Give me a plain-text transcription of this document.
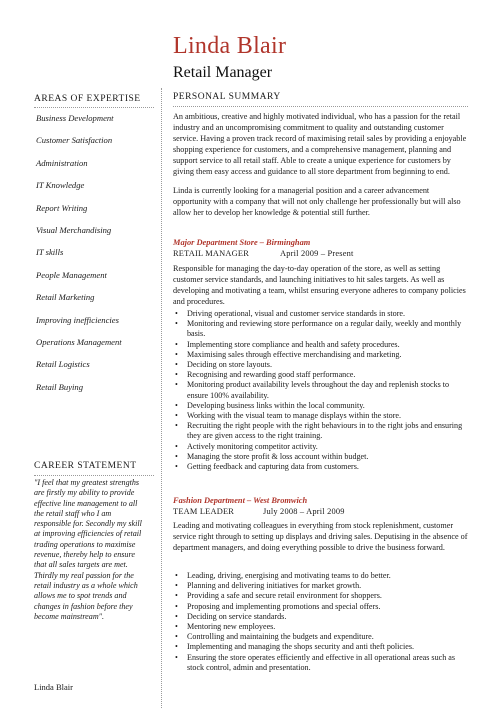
Linda Blair
Retail Manager
AREAS OF EXPERTISE
Business Development
Customer Satisfaction
Administration
IT Knowledge
Report Writing
Visual Merchandising
IT skills
People Management
Retail Marketing
Improving inefficiencies
Operations Management
Retail Logistics
Retail Buying
CAREER STATEMENT

"I feel that my greatest strengths are firstly my ability to provide effective line management to all the retail staff who I am responsible for. Secondly my skill at improving efficiencies of retail trading operations to maximise revenue, thereby help to ensure that all sales targets are met. Thirdly my real passion for the retail industry as a whole which allows me to spot trends and changes in fashion before they become mainstream".

Linda Blair
PERSONAL SUMMARY

An ambitious, creative and highly motivated individual, who has a passion for the retail industry and an uncompromising commitment to quality and outstanding customer service. Having a proven track record of maximising retail sales by providing a enjoyable shopping experience for customers, and a comprehensive management, planning and support service to all retail staff. Able to create a unique experience for customers by giving them easy access and guidance to all store department from beginning to end.

Linda is currently looking for a managerial position and a career advancement opportunity with a company that will not only challenge her professionally but will also allow her to develop her knowledge & potential still further.

Major Department Store – Birmingham
RETAIL MANAGER	April 2009 – Present

Responsible for managing the day-to-day operation of the store, as well as setting customer service standards, and launching initiatives to hit sales targets. As well as developing and motivating a team, whilst ensuring everyone adheres to company policies and procedures.

• Driving operational, visual and customer service standards in store.
• Monitoring and reviewing store performance on a regular daily, weekly and monthly basis.
• Implementing store compliance and health and safety procedures.
• Maximising sales through effective merchandising and marketing.
• Deciding on store layouts.
• Recognising and rewarding good staff performance.
• Monitoring product availability levels throughout the day and replenish stocks to ensure 100% availability.
• Developing business links within the local community.
• Working with the visual team to manage displays within the store.
• Recruiting the right people with the right behaviours in to the right jobs and ensuring they are given access to the right training.
• Actively monitoring competitor activity.
• Managing the store profit & loss account within budget.
• Getting feedback and capturing data from customers.
Fashion Department – West Bromwich
TEAM LEADER	July 2008 – April 2009

Leading and motivating colleagues in everything from stock replenishment, customer service right through to setting up displays and driving sales. Deputising in the absence of department managers, and doing everything possible to drive the business forward.

• Leading, driving, energising and motivating teams to do better.
• Planning and delivering initiatives for market growth.
• Providing a safe and secure retail environment for shoppers.
• Proposing and implementing promotions and special offers.
• Deciding on service standards.
• Mentoring new employees.
• Controlling and maintaining the budgets and expenditure.
• Implementing and managing the shops security and anti theft policies.
• Ensuring the store operates efficiently and effective in all operational areas such as stock control, admin and presentation.
